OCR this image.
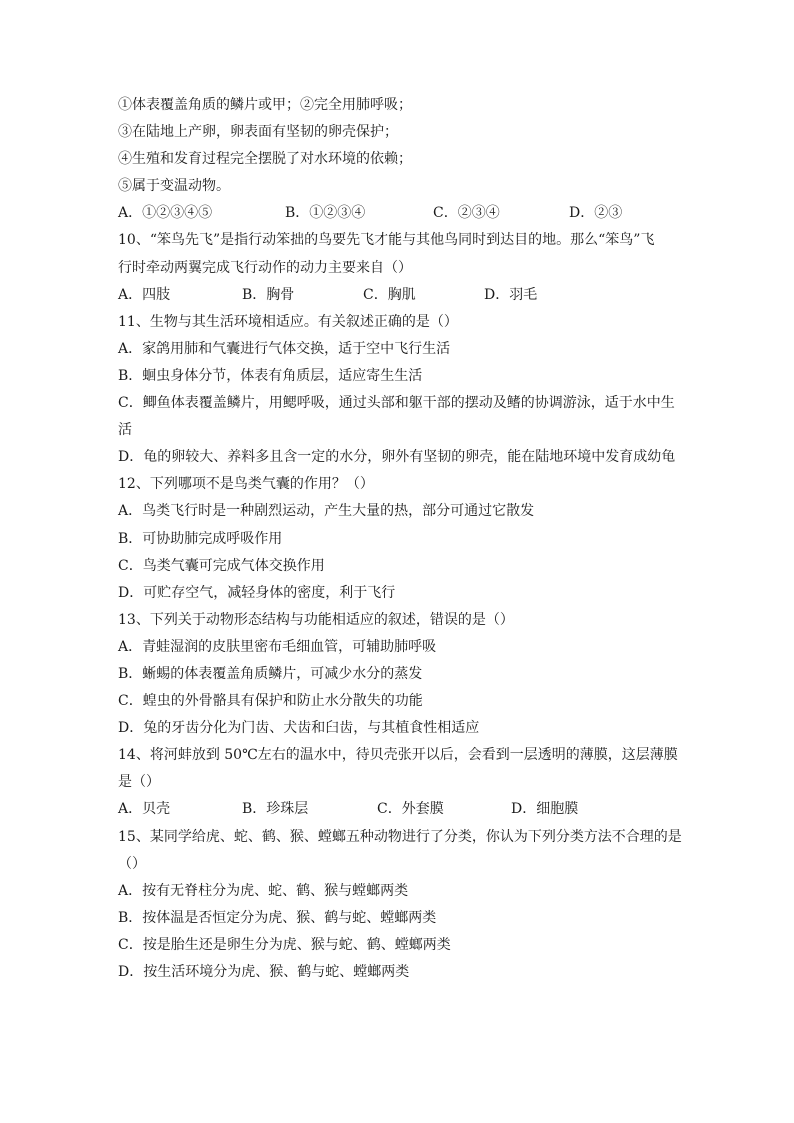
①体表覆盖角质的鳞片或甲；②完全用肺呼吸；
③在陆地上产卵，卵表面有坚韧的卵壳保护；
④生殖和发育过程完全摆脱了对水环境的依赖；
⑤属于变温动物。
A．①②③④⑤	B．①②③④	C．②③④	D．②③
10、“笨鸟先飞”是指行动笨拙的鸟要先飞才能与其他鸟同时到达目的地。那么“笨鸟”飞
行时牵动两翼完成飞行动作的动力主要来自（）
A．四肢	B．胸骨	C．胸肌	D．羽毛
11、生物与其生活环境相适应。有关叙述正确的是（）
A．家鸽用肺和气囊进行气体交换，适于空中飞行生活
B．蛔虫身体分节，体表有角质层，适应寄生生活
C．鲫鱼体表覆盖鳞片，用鳃呼吸，通过头部和躯干部的摆动及鳍的协调游泳，适于水中生
活
D．龟的卵较大、养料多且含一定的水分，卵外有坚韧的卵壳，能在陆地环境中发育成幼龟
12、下列哪项不是鸟类气囊的作用？（）
A．鸟类飞行时是一种剧烈运动，产生大量的热，部分可通过它散发
B．可协助肺完成呼吸作用
C．鸟类气囊可完成气体交换作用
D．可贮存空气，减轻身体的密度，利于飞行
13、下列关于动物形态结构与功能相适应的叙述，错误的是（）
A．青蛙湿润的皮肤里密布毛细血管，可辅助肺呼吸
B．蜥蜴的体表覆盖角质鳞片，可减少水分的蒸发
C．蝗虫的外骨骼具有保护和防止水分散失的功能
D．兔的牙齿分化为门齿、犬齿和臼齿，与其植食性相适应
14、将河蚌放到 50℃左右的温水中，待贝壳张开以后，会看到一层透明的薄膜，这层薄膜
是（）
A．贝壳	B．珍珠层	C．外套膜	D．细胞膜
15、某同学给虎、蛇、鹤、猴、螳螂五种动物进行了分类，你认为下列分类方法不合理的是
（）
A．按有无脊柱分为虎、蛇、鹤、猴与螳螂两类
B．按体温是否恒定分为虎、猴、鹤与蛇、螳螂两类
C．按是胎生还是卵生分为虎、猴与蛇、鹤、螳螂两类
D．按生活环境分为虎、猴、鹤与蛇、螳螂两类
